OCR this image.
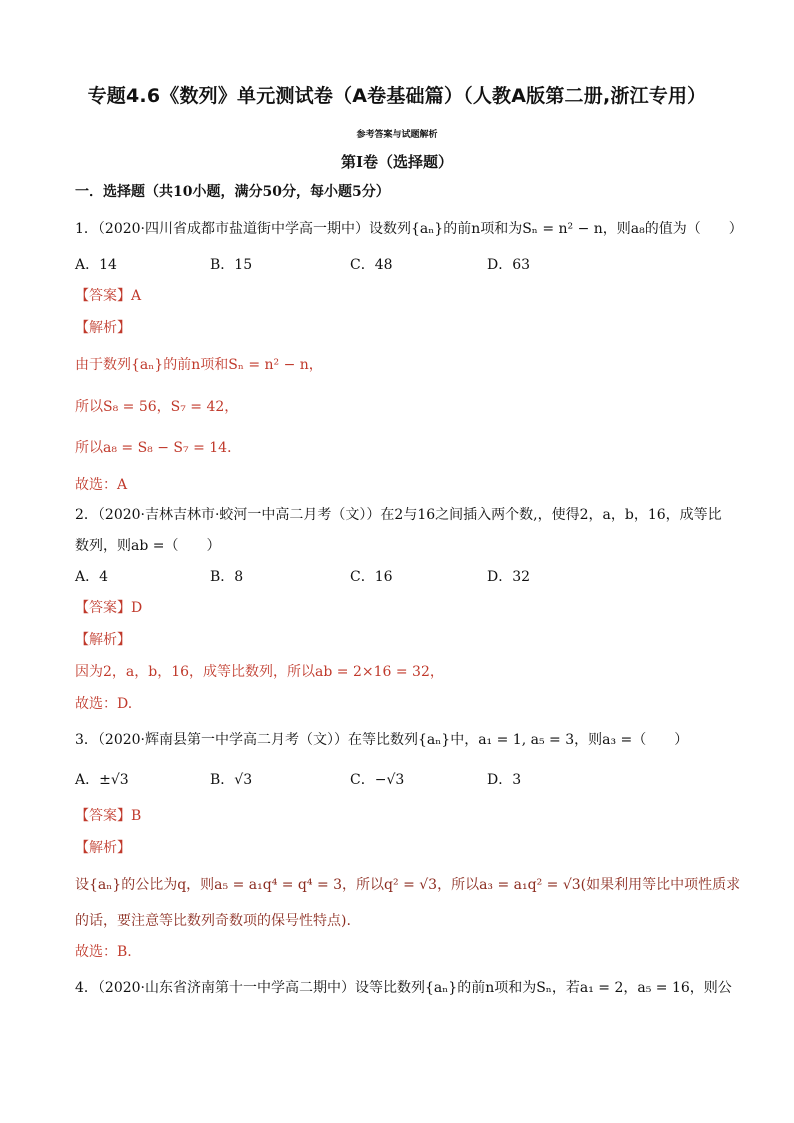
专题4.6《数列》单元测试卷（A卷基础篇）（人教A版第二册,浙江专用）
参考答案与试题解析
第I卷（选择题）
一．选择题（共10小题，满分50分，每小题5分）
1．（2020·四川省成都市盐道街中学高一期中）设数列{aₙ}的前n项和为Sₙ = n² − n，则a₈的值为（　　）
A．14	B．15	C．48	D．63
【答案】A
【解析】
由于数列{aₙ}的前n项和Sₙ = n² − n，
所以S₈ = 56，S₇ = 42，
所以a₈ = S₈ − S₇ = 14．
故选：A
2．（2020·吉林吉林市·蛟河一中高二月考（文））在2与16之间插入两个数,，使得2，a，b，16，成等比
数列，则ab =（　　）
A．4	B．8	C．16	D．32
【答案】D
【解析】
因为2，a，b，16，成等比数列，所以ab = 2×16 = 32，
故选：D.
3．（2020·辉南县第一中学高二月考（文））在等比数列{aₙ}中，a₁ = 1, a₅ = 3，则a₃ =（　　）
A．±√3	B．√3	C．−√3	D．3
【答案】B
【解析】
设{aₙ}的公比为q，则a₅ = a₁q⁴ = q⁴ = 3，所以q² = √3，所以a₃ = a₁q² = √3(如果利用等比中项性质求
的话，要注意等比数列奇数项的保号性特点).
故选：B.
4．（2020·山东省济南第十一中学高二期中）设等比数列{aₙ}的前n项和为Sₙ，若a₁ = 2，a₅ = 16，则公
